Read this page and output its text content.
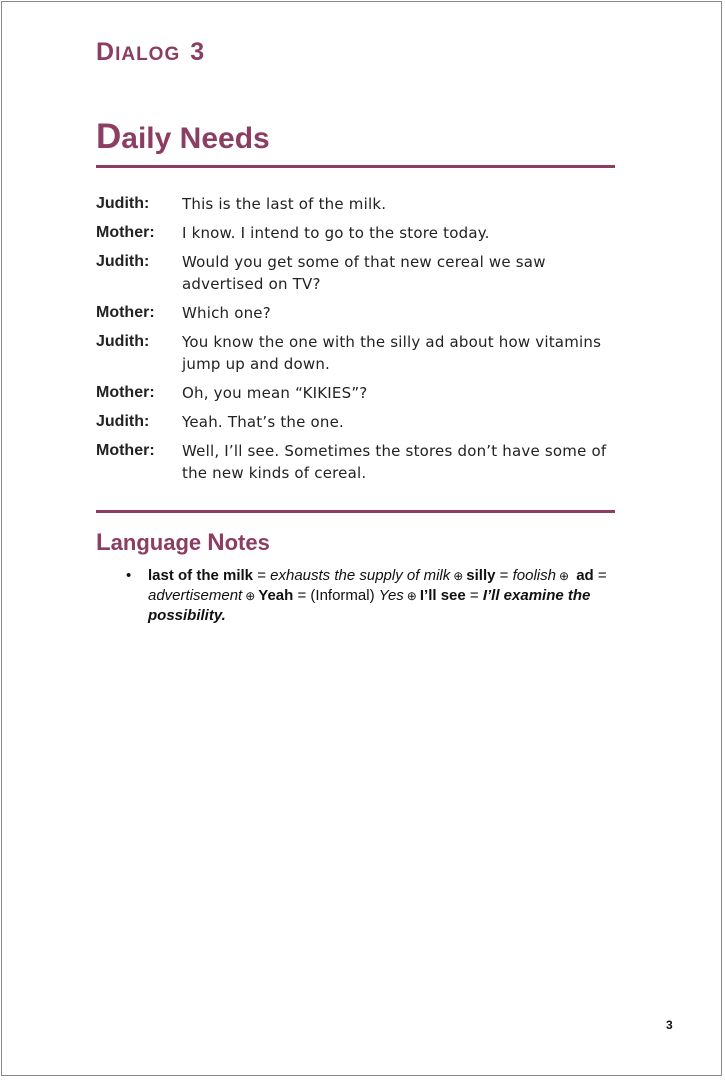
DIALOG 3
Daily Needs
Judith:	This is the last of the milk.
Mother:	I know. I intend to go to the store today.
Judith:	Would you get some of that new cereal we saw advertised on TV?
Mother:	Which one?
Judith:	You know the one with the silly ad about how vitamins jump up and down.
Mother:	Oh, you mean “KIKIES”?
Judith:	Yeah. That’s the one.
Mother:	Well, I’ll see. Sometimes the stores don’t have some of the new kinds of cereal.
Language Notes
• last of the milk = exhausts the supply of milk ⊕ silly = foolish ⊕ ad = advertisement ⊕ Yeah = (Informal) Yes ⊕ I’ll see = I’ll examine the possibility.
3
